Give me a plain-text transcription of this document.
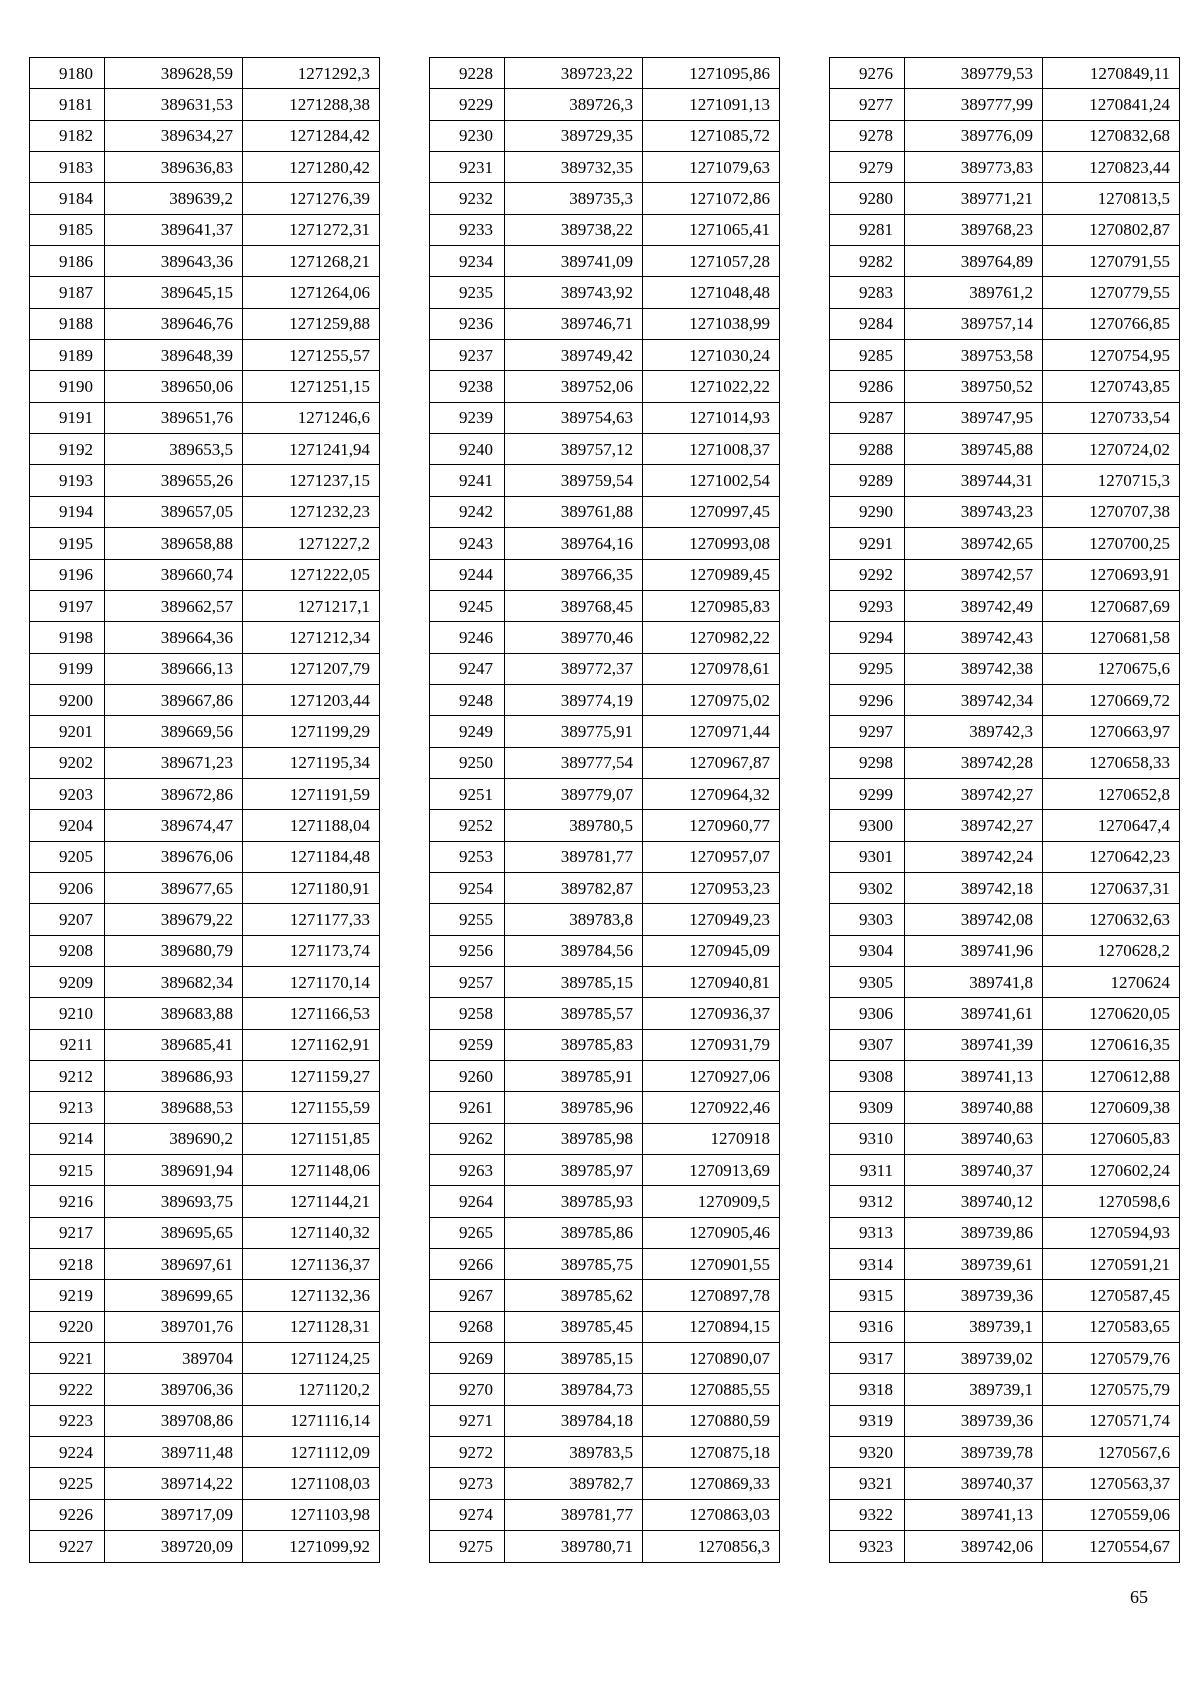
9180	389628,59	1271292,3
9181	389631,53	1271288,38
9182	389634,27	1271284,42
9183	389636,83	1271280,42
9184	389639,2	1271276,39
9185	389641,37	1271272,31
9186	389643,36	1271268,21
9187	389645,15	1271264,06
9188	389646,76	1271259,88
9189	389648,39	1271255,57
9190	389650,06	1271251,15
9191	389651,76	1271246,6
9192	389653,5	1271241,94
9193	389655,26	1271237,15
9194	389657,05	1271232,23
9195	389658,88	1271227,2
9196	389660,74	1271222,05
9197	389662,57	1271217,1
9198	389664,36	1271212,34
9199	389666,13	1271207,79
9200	389667,86	1271203,44
9201	389669,56	1271199,29
9202	389671,23	1271195,34
9203	389672,86	1271191,59
9204	389674,47	1271188,04
9205	389676,06	1271184,48
9206	389677,65	1271180,91
9207	389679,22	1271177,33
9208	389680,79	1271173,74
9209	389682,34	1271170,14
9210	389683,88	1271166,53
9211	389685,41	1271162,91
9212	389686,93	1271159,27
9213	389688,53	1271155,59
9214	389690,2	1271151,85
9215	389691,94	1271148,06
9216	389693,75	1271144,21
9217	389695,65	1271140,32
9218	389697,61	1271136,37
9219	389699,65	1271132,36
9220	389701,76	1271128,31
9221	389704	1271124,25
9222	389706,36	1271120,2
9223	389708,86	1271116,14
9224	389711,48	1271112,09
9225	389714,22	1271108,03
9226	389717,09	1271103,98
9227	389720,09	1271099,92
9228	389723,22	1271095,86
9229	389726,3	1271091,13
9230	389729,35	1271085,72
9231	389732,35	1271079,63
9232	389735,3	1271072,86
9233	389738,22	1271065,41
9234	389741,09	1271057,28
9235	389743,92	1271048,48
9236	389746,71	1271038,99
9237	389749,42	1271030,24
9238	389752,06	1271022,22
9239	389754,63	1271014,93
9240	389757,12	1271008,37
9241	389759,54	1271002,54
9242	389761,88	1270997,45
9243	389764,16	1270993,08
9244	389766,35	1270989,45
9245	389768,45	1270985,83
9246	389770,46	1270982,22
9247	389772,37	1270978,61
9248	389774,19	1270975,02
9249	389775,91	1270971,44
9250	389777,54	1270967,87
9251	389779,07	1270964,32
9252	389780,5	1270960,77
9253	389781,77	1270957,07
9254	389782,87	1270953,23
9255	389783,8	1270949,23
9256	389784,56	1270945,09
9257	389785,15	1270940,81
9258	389785,57	1270936,37
9259	389785,83	1270931,79
9260	389785,91	1270927,06
9261	389785,96	1270922,46
9262	389785,98	1270918
9263	389785,97	1270913,69
9264	389785,93	1270909,5
9265	389785,86	1270905,46
9266	389785,75	1270901,55
9267	389785,62	1270897,78
9268	389785,45	1270894,15
9269	389785,15	1270890,07
9270	389784,73	1270885,55
9271	389784,18	1270880,59
9272	389783,5	1270875,18
9273	389782,7	1270869,33
9274	389781,77	1270863,03
9275	389780,71	1270856,3
9276	389779,53	1270849,11
9277	389777,99	1270841,24
9278	389776,09	1270832,68
9279	389773,83	1270823,44
9280	389771,21	1270813,5
9281	389768,23	1270802,87
9282	389764,89	1270791,55
9283	389761,2	1270779,55
9284	389757,14	1270766,85
9285	389753,58	1270754,95
9286	389750,52	1270743,85
9287	389747,95	1270733,54
9288	389745,88	1270724,02
9289	389744,31	1270715,3
9290	389743,23	1270707,38
9291	389742,65	1270700,25
9292	389742,57	1270693,91
9293	389742,49	1270687,69
9294	389742,43	1270681,58
9295	389742,38	1270675,6
9296	389742,34	1270669,72
9297	389742,3	1270663,97
9298	389742,28	1270658,33
9299	389742,27	1270652,8
9300	389742,27	1270647,4
9301	389742,24	1270642,23
9302	389742,18	1270637,31
9303	389742,08	1270632,63
9304	389741,96	1270628,2
9305	389741,8	1270624
9306	389741,61	1270620,05
9307	389741,39	1270616,35
9308	389741,13	1270612,88
9309	389740,88	1270609,38
9310	389740,63	1270605,83
9311	389740,37	1270602,24
9312	389740,12	1270598,6
9313	389739,86	1270594,93
9314	389739,61	1270591,21
9315	389739,36	1270587,45
9316	389739,1	1270583,65
9317	389739,02	1270579,76
9318	389739,1	1270575,79
9319	389739,36	1270571,74
9320	389739,78	1270567,6
9321	389740,37	1270563,37
9322	389741,13	1270559,06
9323	389742,06	1270554,67
65
